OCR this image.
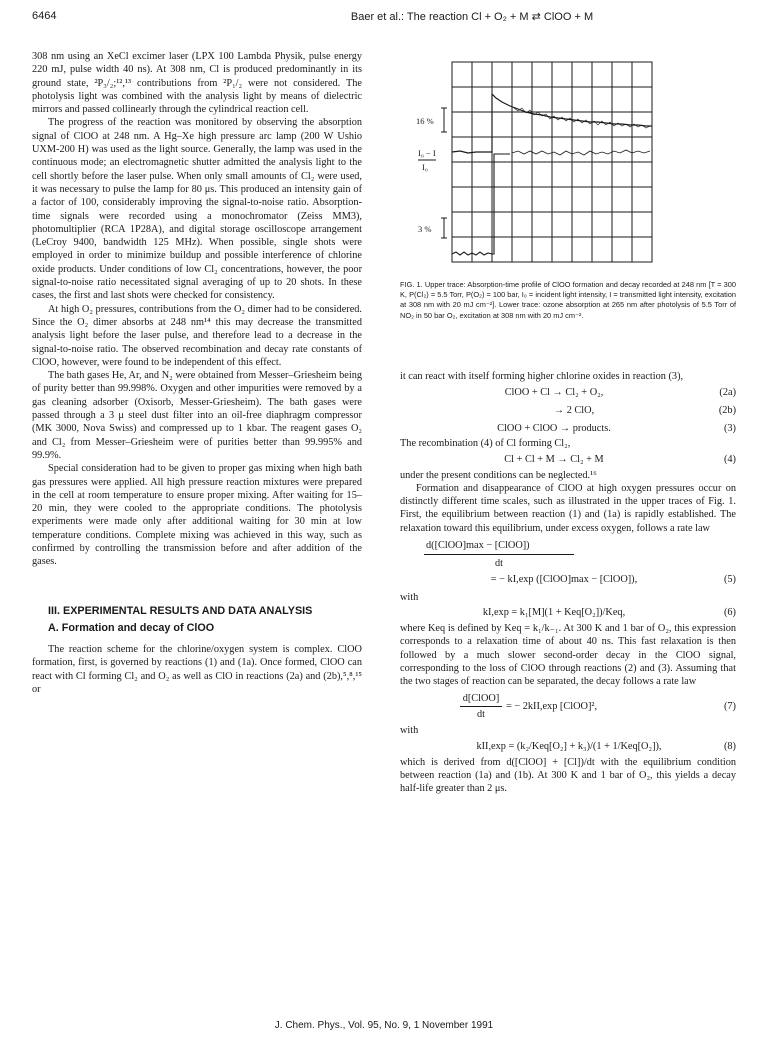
6464	Baer et al.: The reaction Cl + O₂ + M ⇄ ClOO + M

308 nm using an XeCl excimer laser (LPX 100 Lambda Physik, pulse energy 220 mJ, pulse width 40 ns). At 308 nm, Cl is produced predominantly in its ground state, ²P₃/₂;¹²,¹³ contributions from ²P₁/₂ were not considered. The photolysis light was combined with the analysis light by means of dielectric mirrors and passed collinearly through the cylindrical reaction cell.

The progress of the reaction was monitored by observing the absorption signal of ClOO at 248 nm. A Hg–Xe high pressure arc lamp (200 W Ushio UXM-200 H) was used as the light source. Generally, the lamp was used in the continuous mode; an electromagnetic shutter admitted the analysis light to the cell shortly before the laser pulse. When only small amounts of Cl₂ were used, it was necessary to pulse the lamp for 80 μs. This produced an intensity gain of a factor of 100, considerably improving the signal-to-noise ratio. Absorption-time signals were recorded using a monochromator (Zeiss MM3), photomultiplier (RCA 1P28A), and digital storage oscilloscope arrangement (LeCroy 9400, bandwidth 125 MHz). When possible, single shots were employed in order to minimize buildup and possible interference of chlorine oxide products. Under conditions of low Cl₂ concentrations, however, the poor signal-to-noise ratio necessitated signal averaging of up to 20 shots. In these cases, the first and last shots were checked for consistency.

At high O₂ pressures, contributions from the O₂ dimer had to be considered. Since the O₂ dimer absorbs at 248 nm¹⁴ this may decrease the transmitted analysis light before the laser pulse, and therefore lead to a decrease in the signal-to-noise ratio. The observed recombination and decay rate constants of ClOO, however, were found to be independent of this effect.

The bath gases He, Ar, and N₂ were obtained from Messer–Griesheim being of purity better than 99.998%. Oxygen and other impurities were removed by a gas cleaning adsorber (Oxisorb, Messer-Griesheim). The bath gases were passed through a 3 μ steel dust filter into an oil-free diaphragm compressor (MK 3000, Nova Swiss) and compressed up to 1 kbar. The reagent gases O₂ and Cl₂ from Messer–Griesheim were of purities better than 99.995% and 99.9%.

Special consideration had to be given to proper gas mixing when high bath gas pressures were applied. All high pressure reaction mixtures were prepared in the cell at room temperature to ensure proper mixing. After waiting for 15–20 min, they were cooled to the appropriate conditions. The photolysis experiments were made only after additional waiting for 30 min at low temperature conditions. Complete mixing was achieved in this way, such as confirmed by controlling the transmission before and after addition of the gases.

III. EXPERIMENTAL RESULTS AND DATA ANALYSIS

A. Formation and decay of ClOO

The reaction scheme for the chlorine/oxygen system is complex. ClOO formation, first, is governed by reactions (1) and (1a). Once formed, ClOO can react with Cl forming Cl₂ and O₂ as well as ClO in reactions (2a) and (2b),⁵,⁸,¹⁵ or

16 %
I₀ − I
I₀
3 %
FIG. 1. Upper trace: Absorption-time profile of ClOO formation and decay recorded at 248 nm [T = 300 K, P(Cl₂) = 5.5 Torr, P(O₂) = 100 bar, I₀ = incident light intensity, I = transmitted light intensity, excitation at 308 nm with 20 mJ cm⁻²]. Lower trace: ozone absorption at 265 nm after photolysis of 5.5 Torr of NO₂ in 50 bar O₂, excitation at 308 nm with 20 mJ cm⁻².

it can react with itself forming higher chlorine oxides in reaction (3),

ClOO + Cl → Cl₂ + O₂,	(2a)
→ 2 ClO,	(2b)
ClOO + ClOO → products.	(3)

The recombination (4) of Cl forming Cl₂,

Cl + Cl + M → Cl₂ + M	(4)

under the present conditions can be neglected.¹⁶

Formation and disappearance of ClOO at high oxygen pressures occur on distinctly different time scales, such as illustrated in the upper traces of Fig. 1. First, the equilibrium between reaction (1) and (1a) is rapidly established. The relaxation toward this equilibrium, under excess oxygen, follows a rate law

d([ClOO]max − [ClOO])
dt
= − kI,exp ([ClOO]max − [ClOO]),	(5)

with

kI,exp = k₁[M](1 + Keq[O₂])/Keq,	(6)

where Keq is defined by Keq = k₁/k₋₁. At 300 K and 1 bar of O₂, this expression corresponds to a relaxation time of about 40 ns. This fast relaxation is then followed by a much slower second-order decay in the ClOO signal, corresponding to the loss of ClOO through reactions (2) and (3). Assuming that the two stages of reaction can be separated, the decay follows a rate law

d[ClOO]
dt
= − 2kII,exp [ClOO]²,	(7)

with

kII,exp = (k₂/Keq[O₂] + k₃)/(1 + 1/Keq[O₂]),	(8)

which is derived from d([ClOO] + [Cl])/dt with the equilibrium condition between reaction (1a) and (1b). At 300 K and 1 bar of O₂, this yields a decay half-life greater than 2 μs.

J. Chem. Phys., Vol. 95, No. 9, 1 November 1991
